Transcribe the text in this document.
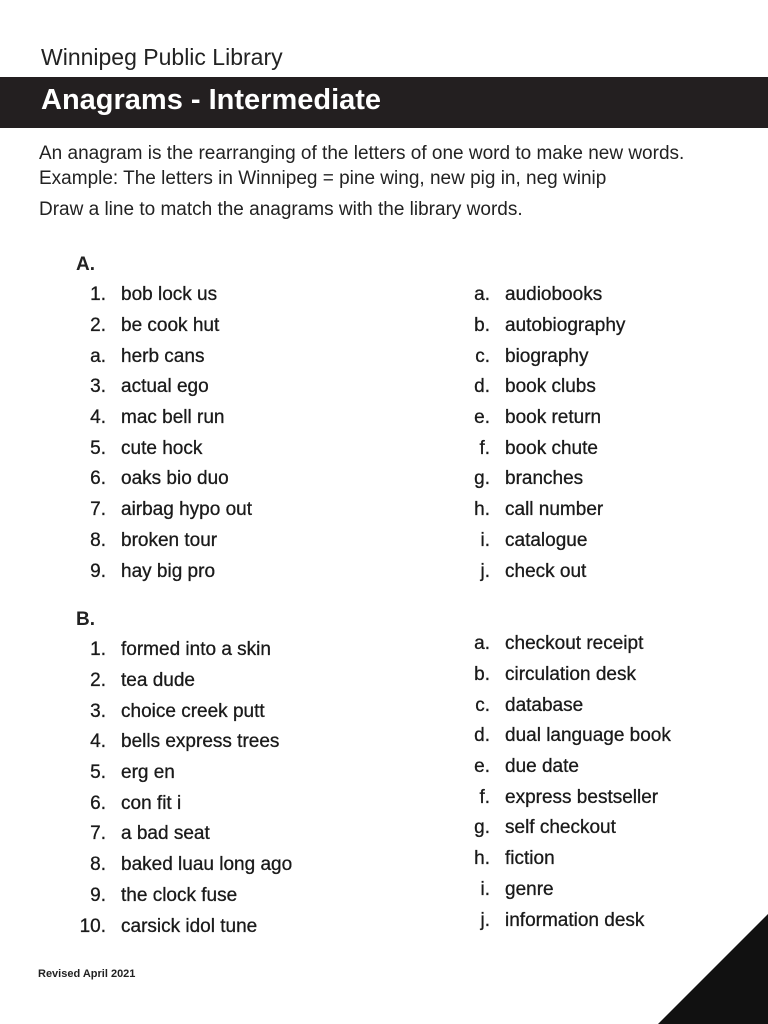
Winnipeg Public Library
Anagrams - Intermediate
An anagram is the rearranging of the letters of one word to make new words.
Example: The letters in Winnipeg = pine wing, new pig in, neg winip
Draw a line to match the anagrams with the library words.
A.
1. bob lock us
2. be cook hut
a. herb cans
3. actual ego
4. mac bell run
5. cute hock
6. oaks bio duo
7. airbag hypo out
8. broken tour
9. hay big pro
a. audiobooks
b. autobiography
c. biography
d. book clubs
e. book return
f. book chute
g. branches
h. call number
i. catalogue
j. check out
B.
1. formed into a skin
2. tea dude
3. choice creek putt
4. bells express trees
5. erg en
6. con fit i
7. a bad seat
8. baked luau long ago
9. the clock fuse
10. carsick idol tune
a. checkout receipt
b. circulation desk
c. database
d. dual language book
e. due date
f. express bestseller
g. self checkout
h. fiction
i. genre
j. information desk
Revised April 2021
